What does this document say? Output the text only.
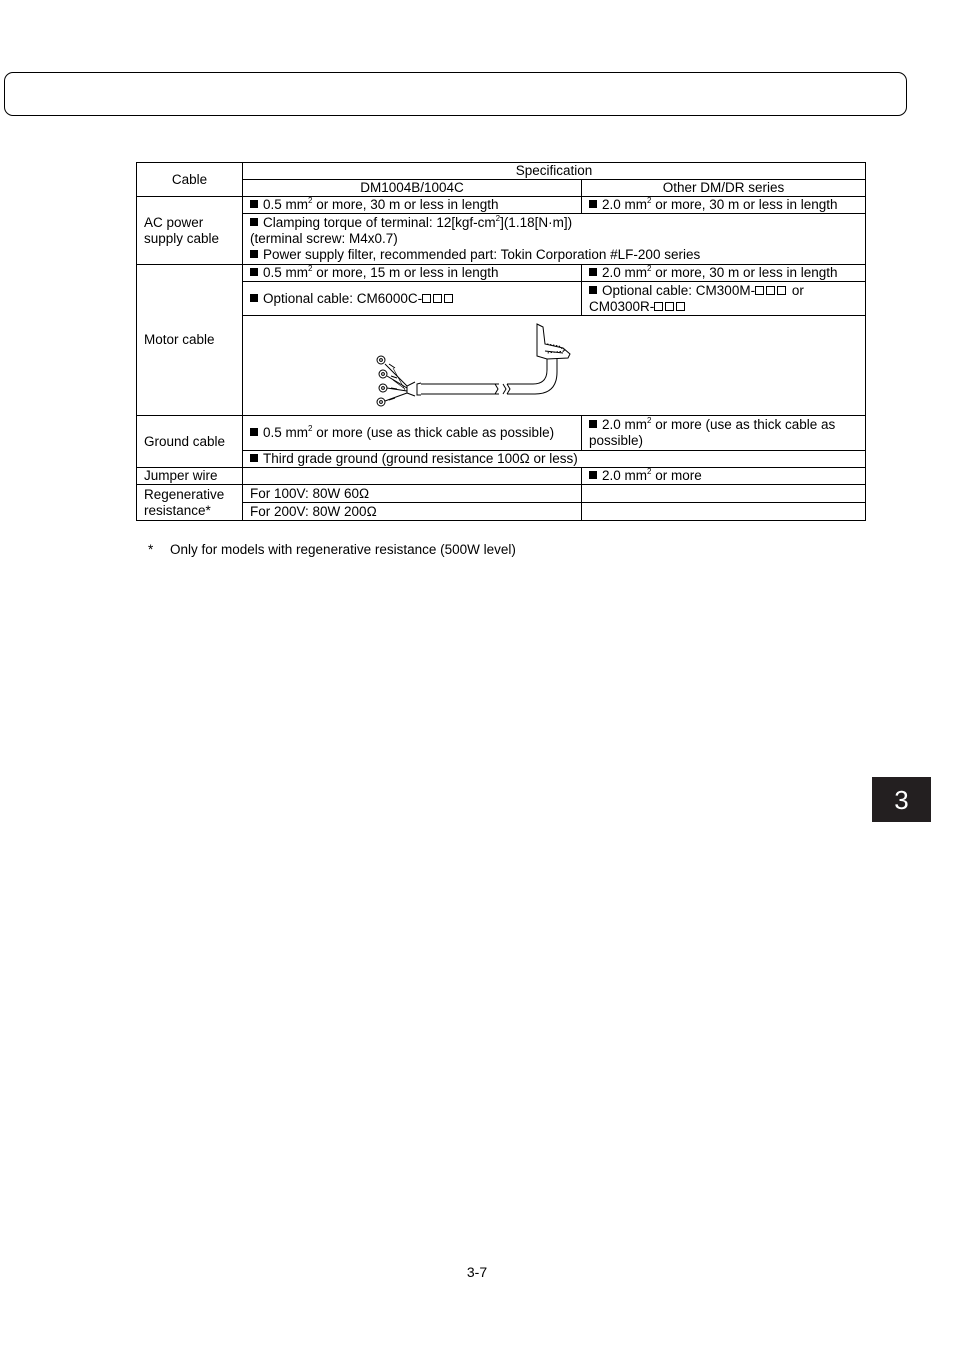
Cable	Specification	
	DM1004B/1004C	Other DM/DR series
AC power
supply cable	0.5 $mm^2$ or more, 30 m or less in length	2.0 $mm^2$ or more, 30 m or less in length
	Clamping torque of terminal: $12[kgf-cm^2](1.18[N\cdot m])$
(terminal screw: M4x0.7)
Power supply filter, recommended part: Tokin Corporation #LF-200 series	
Motor cable	0.5 $mm^2$ or more, 15 m or less in length	2.0 $mm^2$ or more, 30 m or less in length
	Optional cable: CM6000C-	Optional cable: CM300M- or
CM0300R-

Ground cable	0.5 $mm^2$ or more (use as thick cable as possible)	2.0 $mm^2$ or more (use as thick cable as
possible)
	Third grade ground (ground resistance 100Ω or less)	
Jumper wire		2.0 $mm^2$ or more
Regenerative
resistance*	For 100V: 80W 60Ω	
	For 200V: 80W 200Ω	
* Only for models with regenerative resistance (500W level)
3
3-7
